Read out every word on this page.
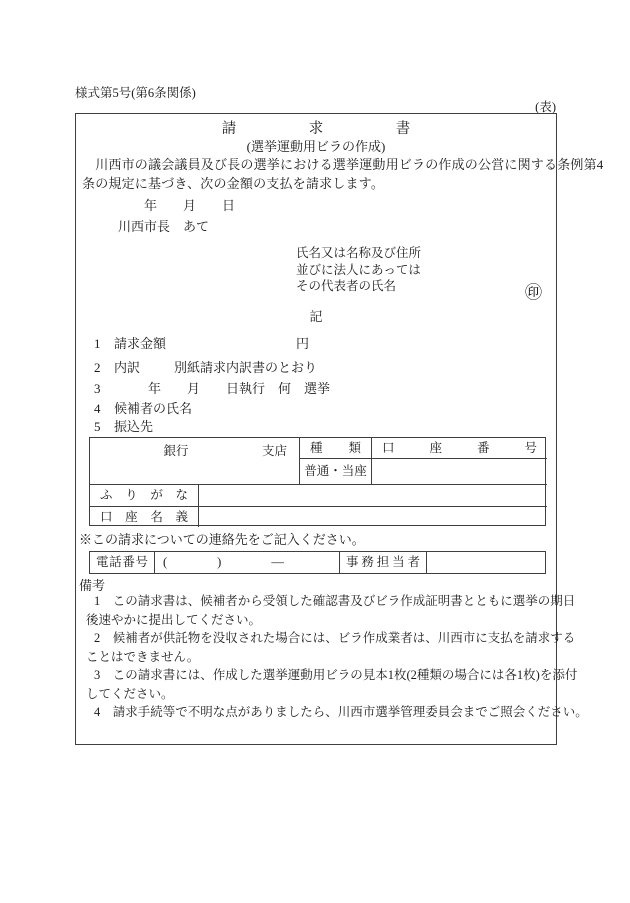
様式第5号(第6条関係)
(表)
請　　　　　求　　　　　書
(選挙運動用ビラの作成)
　川西市の議会議員及び長の選挙における選挙運動用ビラの作成の公営に関する条例第4
条の規定に基づき、次の金額の支払を請求します。
年　　月　　日
川西市長　あて
氏名又は名称及び住所
並びに法人にあっては
その代表者の氏名	㊞
記
1 請求金額	円
2 内訳	別紙請求内訳書のとおり
3	年　　月　　日執行　何　選挙
4 候補者の氏名
5 振込先
銀行	支店	種類	口座番号
普通・当座
ふりがな
口座名義
※この請求についての連絡先をご記入ください。
電話番号	(　　　　)　　　　―	事務担当者
備考
1　この請求書は、候補者から受領した確認書及びビラ作成証明書とともに選挙の期日
後速やかに提出してください。
2　候補者が供託物を没収された場合には、ビラ作成業者は、川西市に支払を請求する
ことはできません。
3　この請求書には、作成した選挙運動用ビラの見本1枚(2種類の場合には各1枚)を添付
してください。
4　請求手続等で不明な点がありましたら、川西市選挙管理委員会までご照会ください。
